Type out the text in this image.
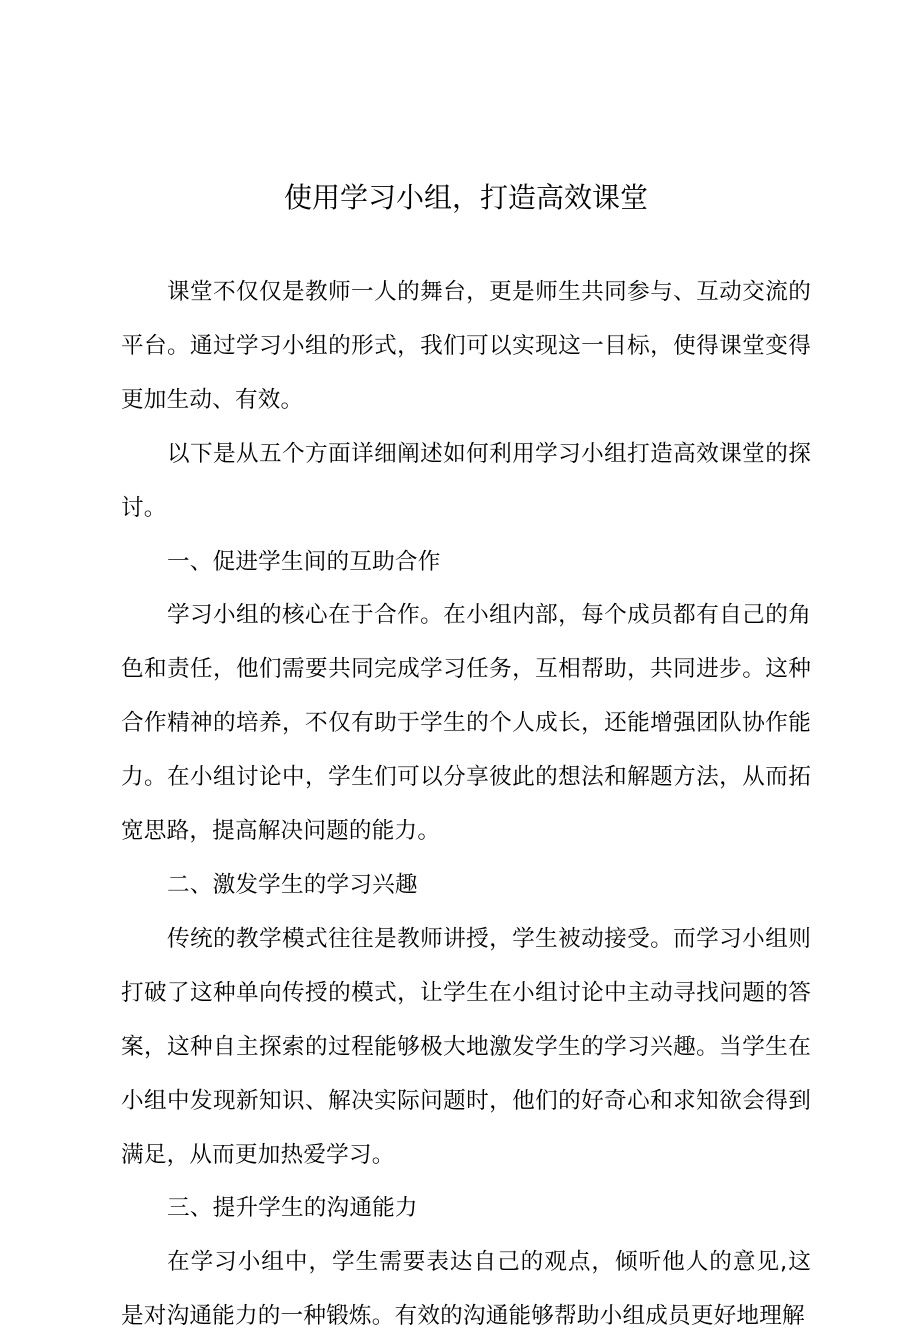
使用学习小组，打造高效课堂

课堂不仅仅是教师一人的舞台，更是师生共同参与、互动交流的平台。通过学习小组的形式，我们可以实现这一目标，使得课堂变得更加生动、有效。

以下是从五个方面详细阐述如何利用学习小组打造高效课堂的探讨。

一、促进学生间的互助合作

学习小组的核心在于合作。在小组内部，每个成员都有自己的角色和责任，他们需要共同完成学习任务，互相帮助，共同进步。这种合作精神的培养，不仅有助于学生的个人成长，还能增强团队协作能力。在小组讨论中，学生们可以分享彼此的想法和解题方法，从而拓宽思路，提高解决问题的能力。

二、激发学生的学习兴趣

传统的教学模式往往是教师讲授，学生被动接受。而学习小组则打破了这种单向传授的模式，让学生在小组讨论中主动寻找问题的答案，这种自主探索的过程能够极大地激发学生的学习兴趣。当学生在小组中发现新知识、解决实际问题时，他们的好奇心和求知欲会得到满足，从而更加热爱学习。

三、提升学生的沟通能力

在学习小组中，学生需要表达自己的观点，倾听他人的意见,这是对沟通能力的一种锻炼。有效的沟通能够帮助小组成员更好地理解
